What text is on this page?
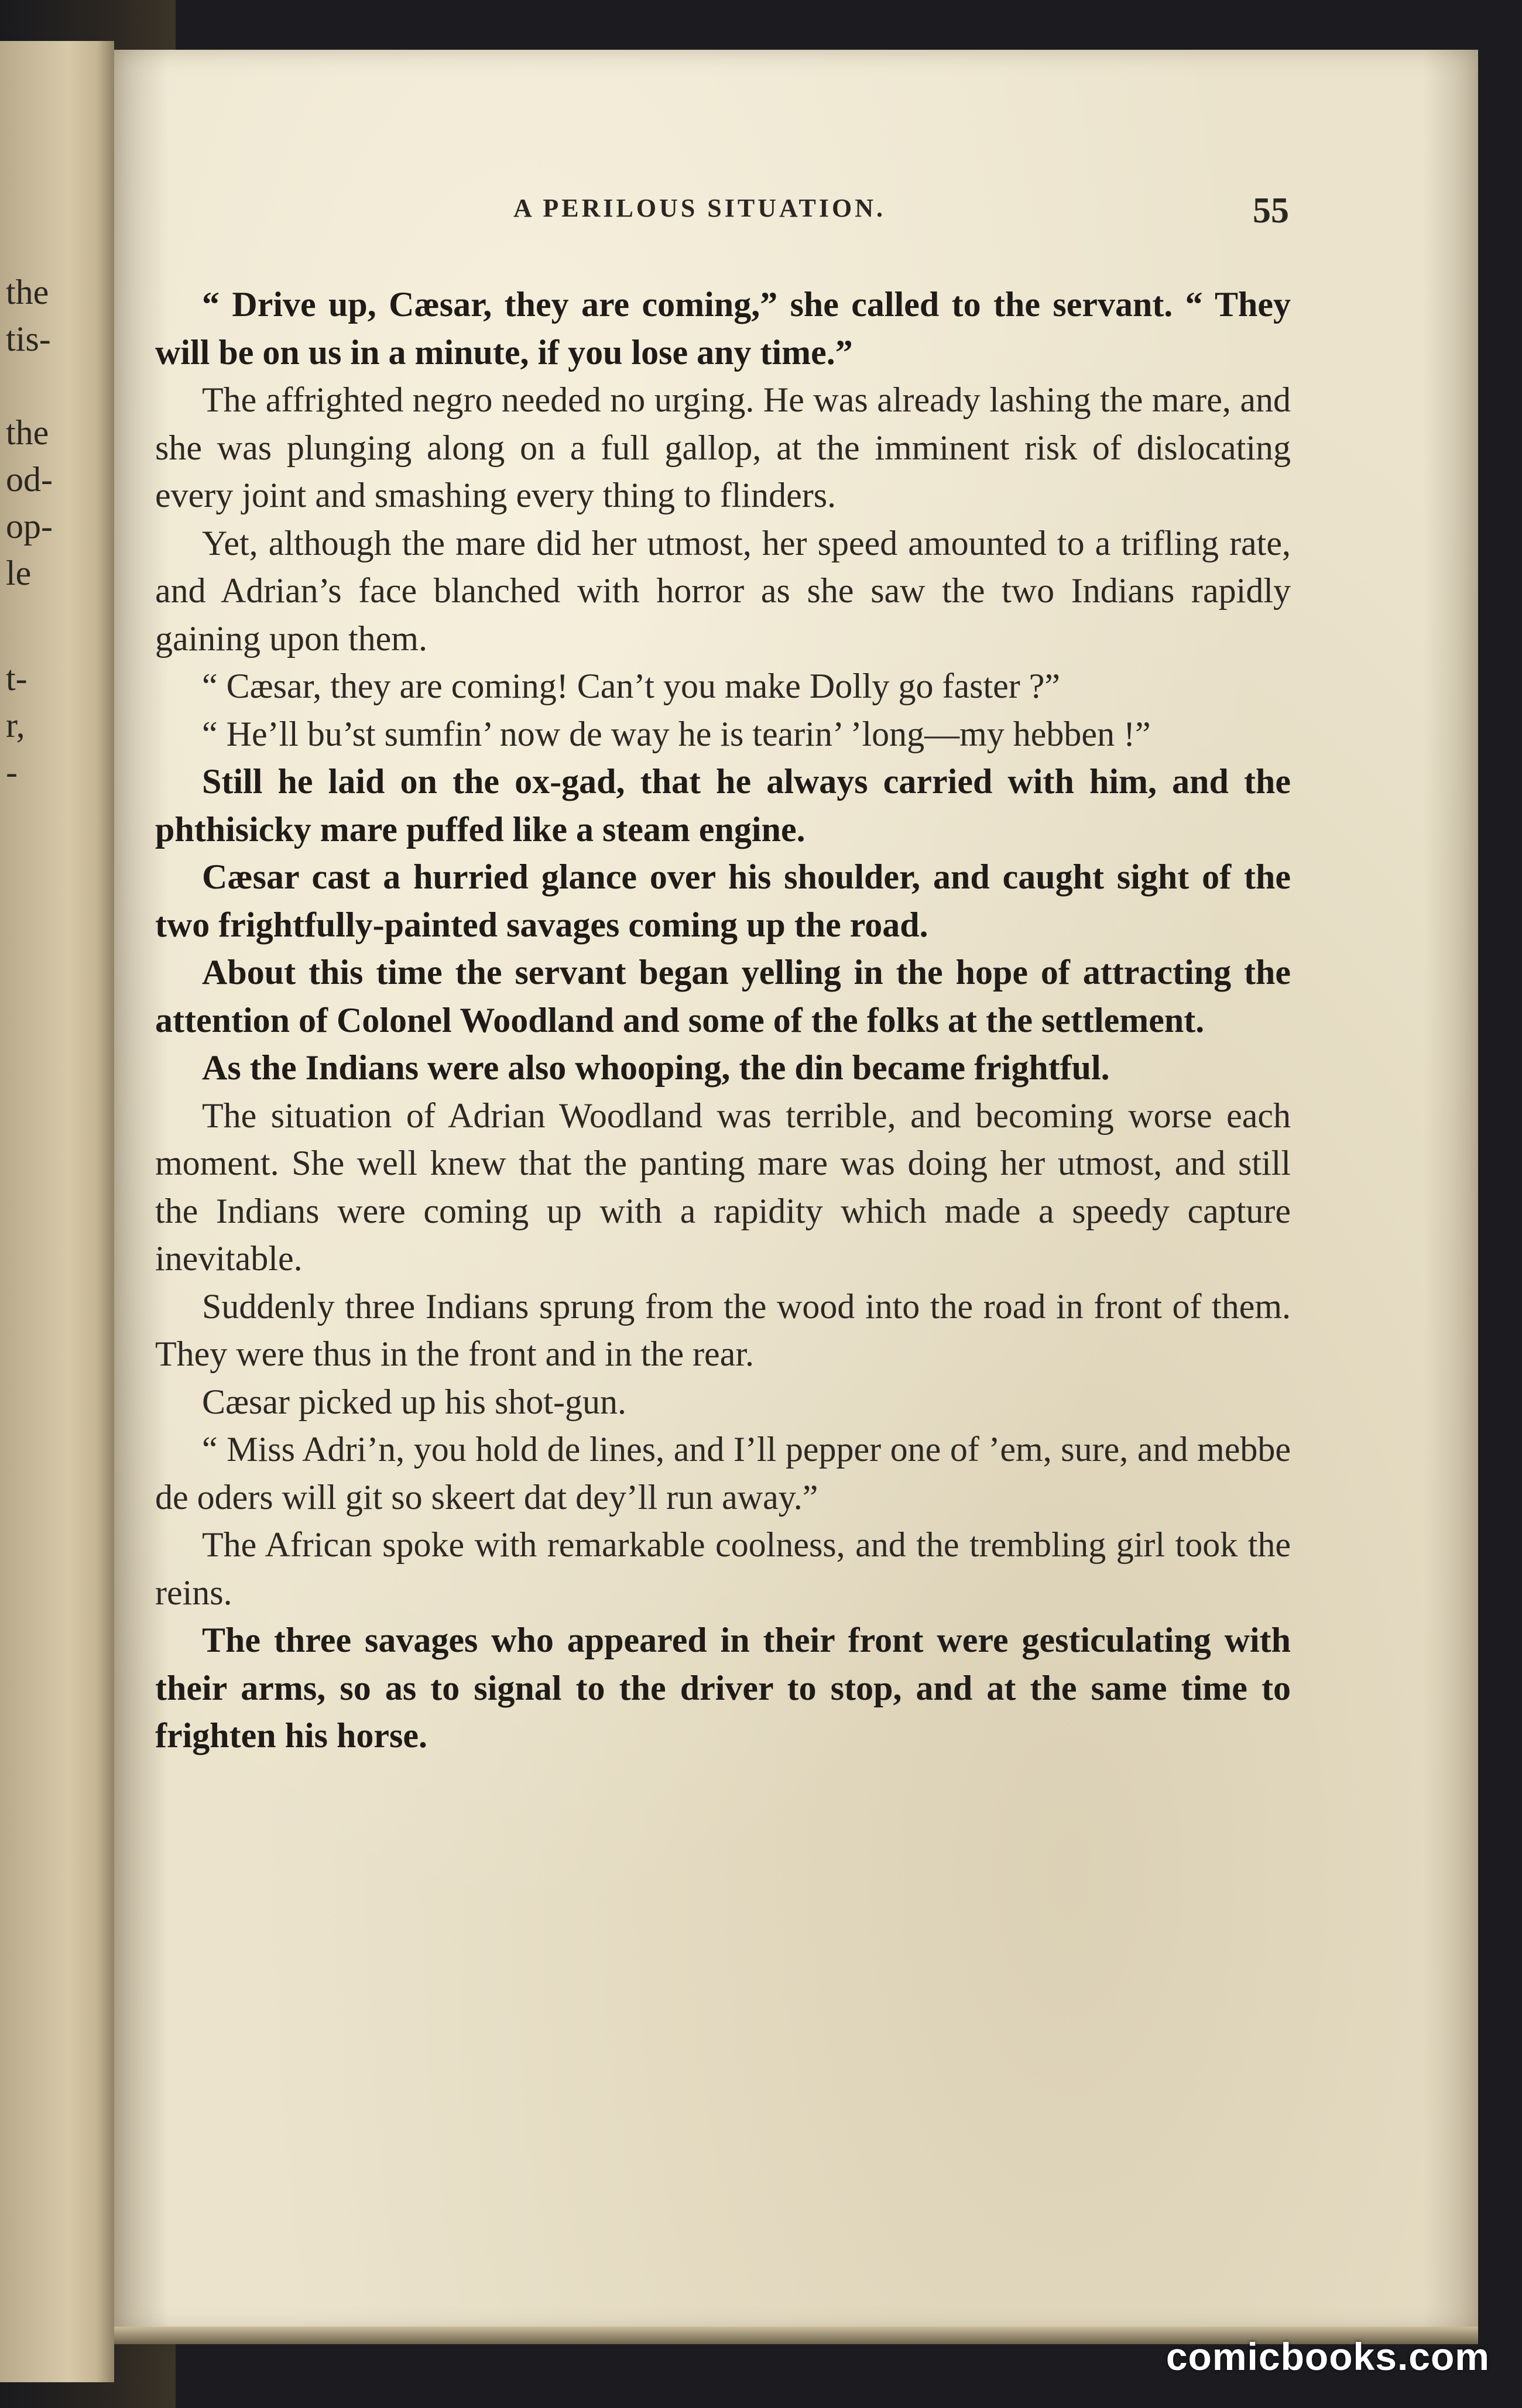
the
tis-
the
od-
op-
le
t-
r,
-
A PERILOUS SITUATION.	55

“ Drive up, Cæsar, they are coming,” she called to the servant. “ They will be on us in a minute, if you lose any time.”

The affrighted negro needed no urging. He was already lashing the mare, and she was plunging along on a full gallop, at the imminent risk of dislocating every joint and smashing every thing to flinders.

Yet, although the mare did her utmost, her speed amounted to a trifling rate, and Adrian’s face blanched with horror as she saw the two Indians rapidly gaining upon them.

“ Cæsar, they are coming! Can’t you make Dolly go faster ?”

“ He’ll bu’st sumfin’ now de way he is tearin’ ’long—my hebben !”

Still he laid on the ox-gad, that he always carried with him, and the phthisicky mare puffed like a steam engine.

Cæsar cast a hurried glance over his shoulder, and caught sight of the two frightfully-painted savages coming up the road.

About this time the servant began yelling in the hope of attracting the attention of Colonel Woodland and some of the folks at the settlement.

As the Indians were also whooping, the din became frightful.

The situation of Adrian Woodland was terrible, and becoming worse each moment. She well knew that the panting mare was doing her utmost, and still the Indians were coming up with a rapidity which made a speedy capture inevitable.

Suddenly three Indians sprung from the wood into the road in front of them. They were thus in the front and in the rear.

Cæsar picked up his shot-gun.

“ Miss Adri’n, you hold de lines, and I’ll pepper one of ’em, sure, and mebbe de oders will git so skeert dat dey’ll run away.”

The African spoke with remarkable coolness, and the trembling girl took the reins.

The three savages who appeared in their front were gesticulating with their arms, so as to signal to the driver to stop, and at the same time to frighten his horse.

comicbooks.com
